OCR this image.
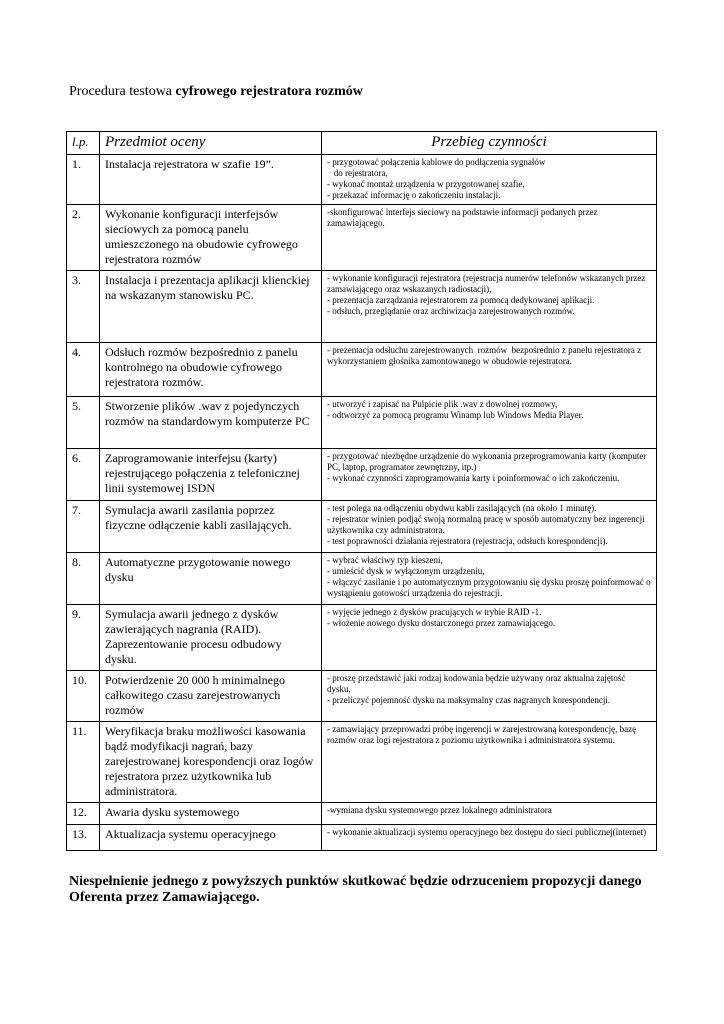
Procedura testowa cyfrowego rejestratora rozmów
l.p.	Przedmiot oceny	Przebieg czynności
1.	Instalacja rejestratora w szafie 19”.	- przygotować połączenia kablowe do podłączenia sygnałów
do rejestratora,
- wykonać montaż urządzenia w przygotowanej szafie,
- przekazać informację o zakończeniu instalacji.

2.	Wykonanie konfiguracji interfejsów sieciowych za pomocą panelu umieszczonego na obudowie cyfrowego rejestratora rozmów	-skonfigurować interfejs sieciowy na podstawie informacji podanych przez zamawiającego.

3.	Instalacja i prezentacja aplikacji klienckiej na wskazanym stanowisku PC.	- wykonanie konfiguracji rejestratora (rejestracja numerów telefonów wskazanych przez zamawiającego oraz wskazanych radiostacji),
- prezentacja zarządzania rejestratorem za pomocą dedykowanej aplikacji.
- odsłuch, przeglądanie oraz archiwizacja zarejestrowanych rozmów.

4.	Odsłuch rozmów bezpośrednio z panelu kontrolnego na obudowie cyfrowego rejestratora rozmów.	- prezentacja odsłuchu zarejestrowanych  rozmów  bezpośrednio z panelu rejestratora z wykorzystaniem głośnika zamontowanego w obudowie rejestratora.

5.	Stworzenie plików .wav z pojedynczych rozmów na standardowym komputerze PC	- utworzyć i zapisać na Pulpicie plik .wav z dowolnej rozmowy,
- odtworzyć za pomocą programu Winamp lub Windows Media Player.

6.	Zaprogramowanie interfejsu (karty) rejestrującego połączenia z telefonicznej linii systemowej ISDN	- przygotować niezbędne urządzenie do wykonania przeprogramowania karty (komputer PC, laptop, programator zewnętrzny, itp.)
- wykonać czynności zaprogramowania karty i poinformować o ich zakończeniu.

7.	Symulacja awarii zasilania poprzez fizyczne odłączenie kabli zasilających.	- test polega na odłączeniu obydwu kabli zasilających (na około 1 minutę).
- rejestrator winien podjąć swoją normalną pracę w sposób automatyczny bez ingerencji użytkownika czy administratora.
- test poprawności działania rejestratora (rejestracja, odsłuch korespondencji).

8.	Automatyczne przygotowanie nowego dysku	- wybrać właściwy typ kieszeni,
- umieścić dysk w wyłączonym urządzeniu,
- włączyć zasilanie i po automatycznym przygotowaniu się dysku proszę poinformować o wystąpieniu gotowości urządzenia do rejestracji.

9.	Symulacja awarii jednego z dysków zawierających nagrania (RAID). Zaprezentowanie procesu odbudowy dysku.	- wyjęcie jednego z dysków pracujących w trybie RAID -1.
- włożenie nowego dysku dostarczonego przez zamawiającego.

10.	Potwierdzenie 20 000 h minimalnego całkowitego czasu zarejestrowanych rozmów	- proszę przedstawić jaki rodzaj kodowania będzie używany oraz aktualna zajętość dysku,
- przeliczyć pojemność dysku na maksymalny czas nagranych korespondencji.

11.	Weryfikacja braku możliwości kasowania bądź modyfikacji nagrań, bazy zarejestrowanej korespondencji oraz logów rejestratora przez użytkownika lub administratora.	- zamawiający przeprowadzi próbę ingerencji w zarejestrowaną korespondencję, bazę rozmów oraz logi rejestratora z poziomu użytkownika i administratora systemu.

12.	Awaria dysku systemowego	-wymiana dysku systemowego przez lokalnego administratora

13.	Aktualizacja systemu operacyjnego	- wykonanie aktualizacji systemu operacyjnego bez dostępu do sieci publicznej(internet)
Niespełnienie jednego z powyższych punktów skutkować będzie odrzuceniem propozycji danego Oferenta przez Zamawiającego.
